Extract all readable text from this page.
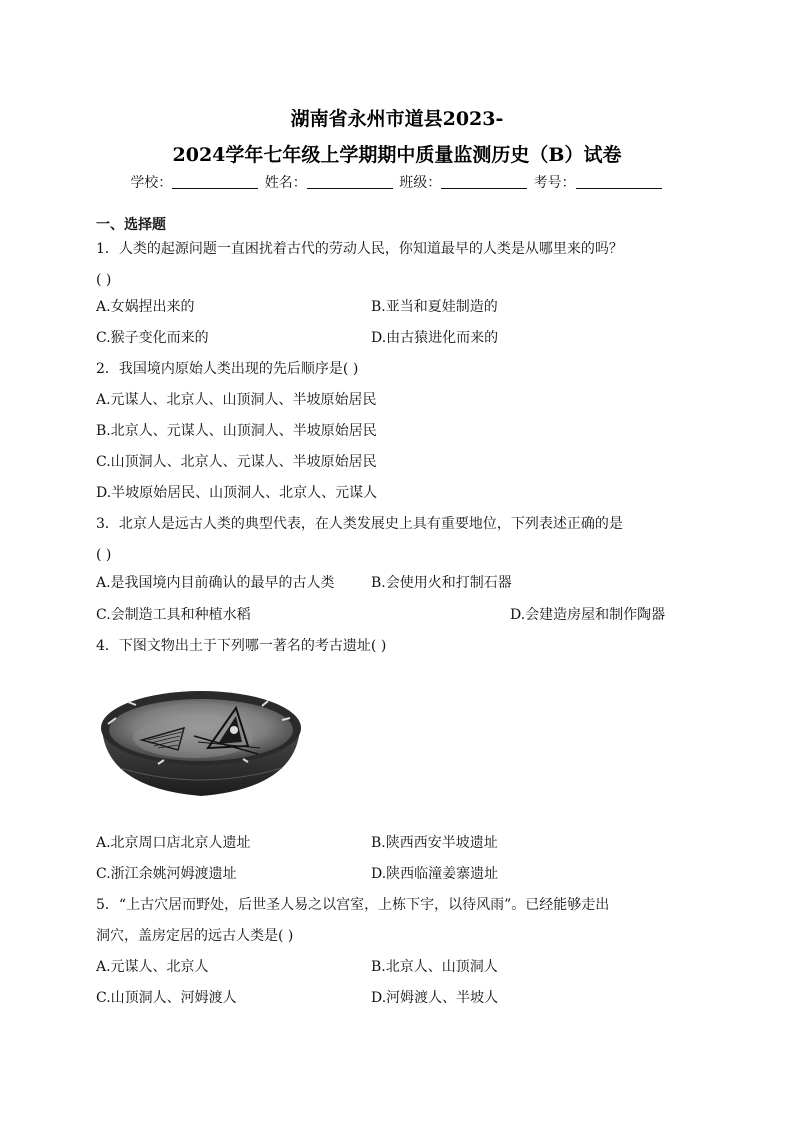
湖南省永州市道县2023-
2024学年七年级上学期期中质量监测历史（B）试卷
学校：	姓名：	班级：	考号：
一、选择题
1．人类的起源问题一直困扰着古代的劳动人民，你知道最早的人类是从哪里来的吗？
( )
A.女娲捏出来的	B.亚当和夏娃制造的
C.猴子变化而来的	D.由古猿进化而来的
2．我国境内原始人类出现的先后顺序是( )
A.元谋人、北京人、山顶洞人、半坡原始居民
B.北京人、元谋人、山顶洞人、半坡原始居民
C.山顶洞人、北京人、元谋人、半坡原始居民
D.半坡原始居民、山顶洞人、北京人、元谋人
3．北京人是远古人类的典型代表，在人类发展史上具有重要地位，下列表述正确的是
( )
A.是我国境内目前确认的最早的古人类	B.会使用火和打制石器
C.会制造工具和种植水稻	D.会建造房屋和制作陶器
4．下图文物出土于下列哪一著名的考古遗址( )
A.北京周口店北京人遗址	B.陕西西安半坡遗址
C.浙江余姚河姆渡遗址	D.陕西临潼姜寨遗址
5．“上古穴居而野处，后世圣人易之以宫室，上栋下宇，以待风雨”。已经能够走出
洞穴，盖房定居的远古人类是( )
A.元谋人、北京人	B.北京人、山顶洞人
C.山顶洞人、河姆渡人	D.河姆渡人、半坡人
